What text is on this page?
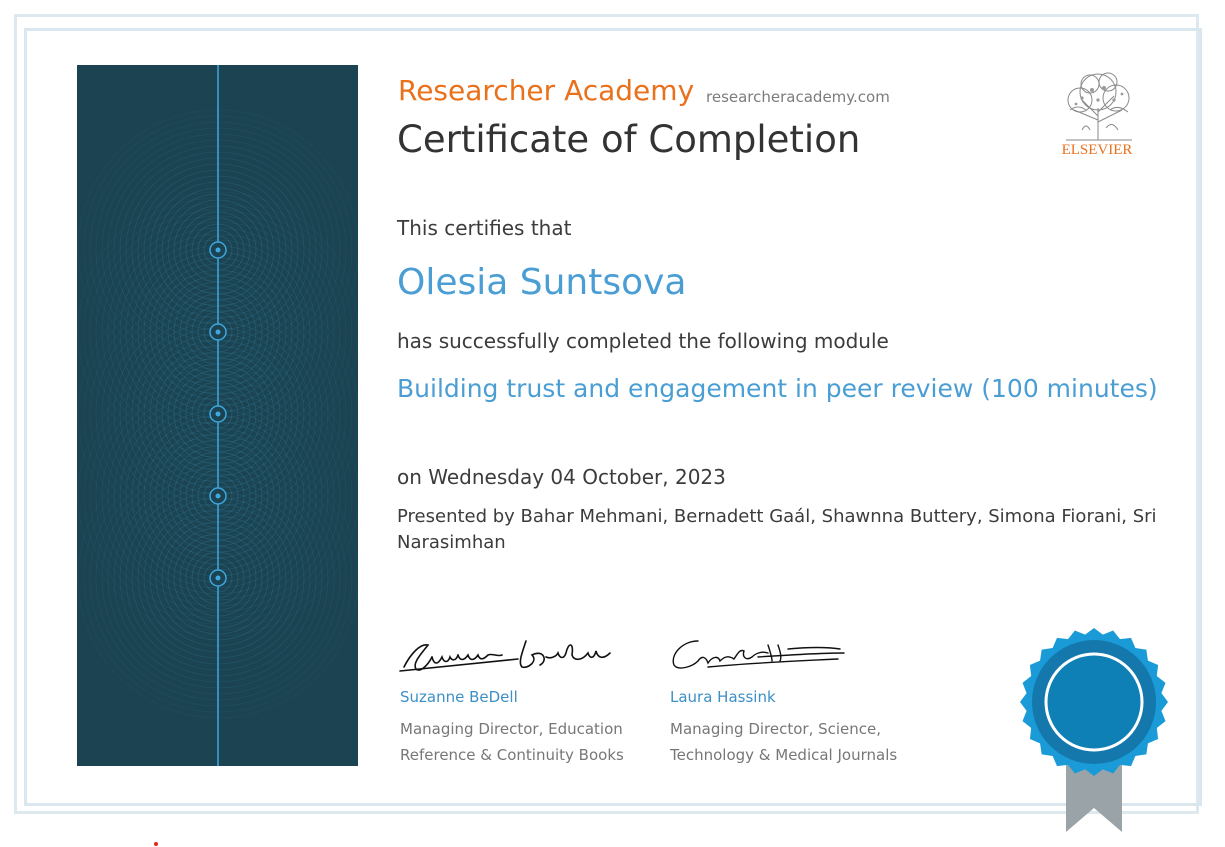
Researcher Academy researcheracademy.com
Certificate of Completion	ELSEVIER
This certifies that
Olesia Suntsova
has successfully completed the following module
Building trust and engagement in peer review (100 minutes)
on Wednesday 04 October, 2023
Presented by Bahar Mehmani, Bernadett Gaál, Shawnna Buttery, Simona Fiorani, Sri Narasimhan
Suzanne BeDell
Managing Director, Education
Reference & Continuity Books
Laura Hassink
Managing Director, Science,
Technology & Medical Journals
